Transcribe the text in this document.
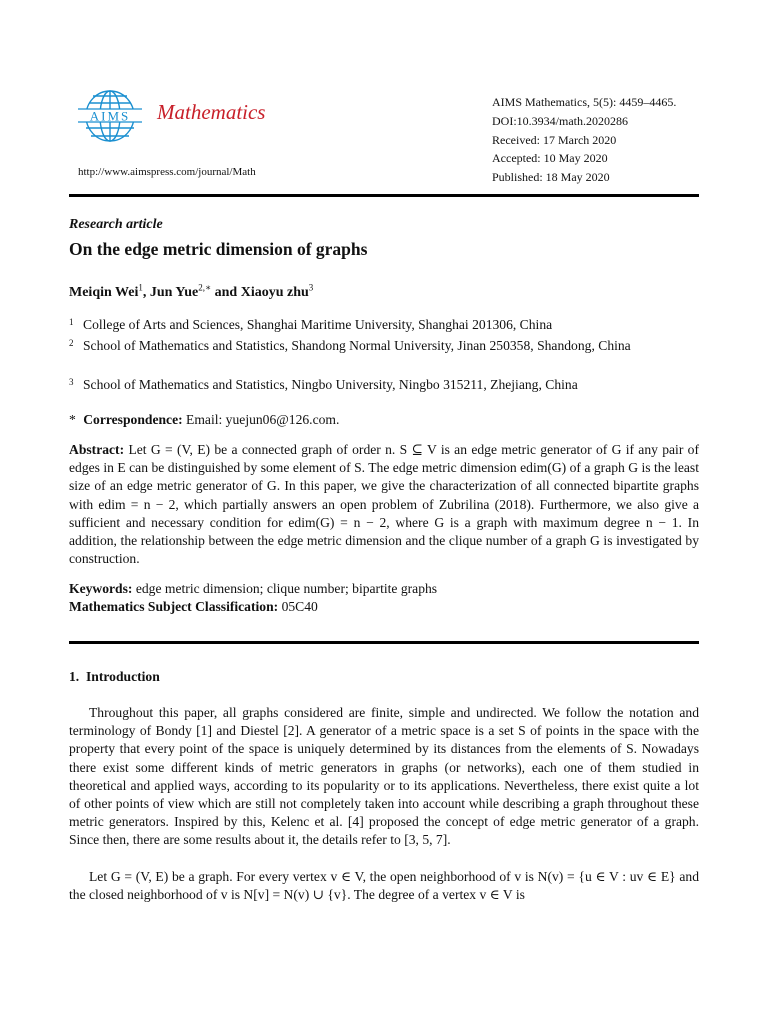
AIMS Mathematics
http://www.aimspress.com/journal/Math
AIMS Mathematics, 5(5): 4459–4465.
DOI:10.3934/math.2020286
Received: 17 March 2020
Accepted: 10 May 2020
Published: 18 May 2020
Research article
On the edge metric dimension of graphs
Meiqin Wei$^1$, Jun Yue$^{2,∗}$ and Xiaoyu zhu$^3$
1 College of Arts and Sciences, Shanghai Maritime University, Shanghai 201306, China
2 School of Mathematics and Statistics, Shandong Normal University, Jinan 250358, Shandong, China
3 School of Mathematics and Statistics, Ningbo University, Ningbo 315211, Zhejiang, China
* Correspondence: Email: yuejun06@126.com.
Abstract: Let G = (V, E) be a connected graph of order n. S ⊆ V is an edge metric generator of G if any pair of edges in E can be distinguished by some element of S. The edge metric dimension edim(G) of a graph G is the least size of an edge metric generator of G. In this paper, we give the characterization of all connected bipartite graphs with edim = n − 2, which partially answers an open problem of Zubrilina (2018). Furthermore, we also give a sufficient and necessary condition for edim(G) = n − 2, where G is a graph with maximum degree n − 1. In addition, the relationship between the edge metric dimension and the clique number of a graph G is investigated by construction.
Keywords: edge metric dimension; clique number; bipartite graphs
Mathematics Subject Classification: 05C40
1.  Introduction
Throughout this paper, all graphs considered are finite, simple and undirected. We follow the notation and terminology of Bondy [1] and Diestel [2]. A generator of a metric space is a set S of points in the space with the property that every point of the space is uniquely determined by its distances from the elements of S. Nowadays there exist some different kinds of metric generators in graphs (or networks), each one of them studied in theoretical and applied ways, according to its popularity or to its applications. Nevertheless, there exist quite a lot of other points of view which are still not completely taken into account while describing a graph throughout these metric generators. Inspired by this, Kelenc et al. [4] proposed the concept of edge metric generator of a graph. Since then, there are some results about it, the details refer to [3, 5, 7].
Let G = (V, E) be a graph. For every vertex v ∈ V, the open neighborhood of v is N(v) = {u ∈ V : uv ∈ E} and the closed neighborhood of v is N[v] = N(v) ∪ {v}. The degree of a vertex v ∈ V is
